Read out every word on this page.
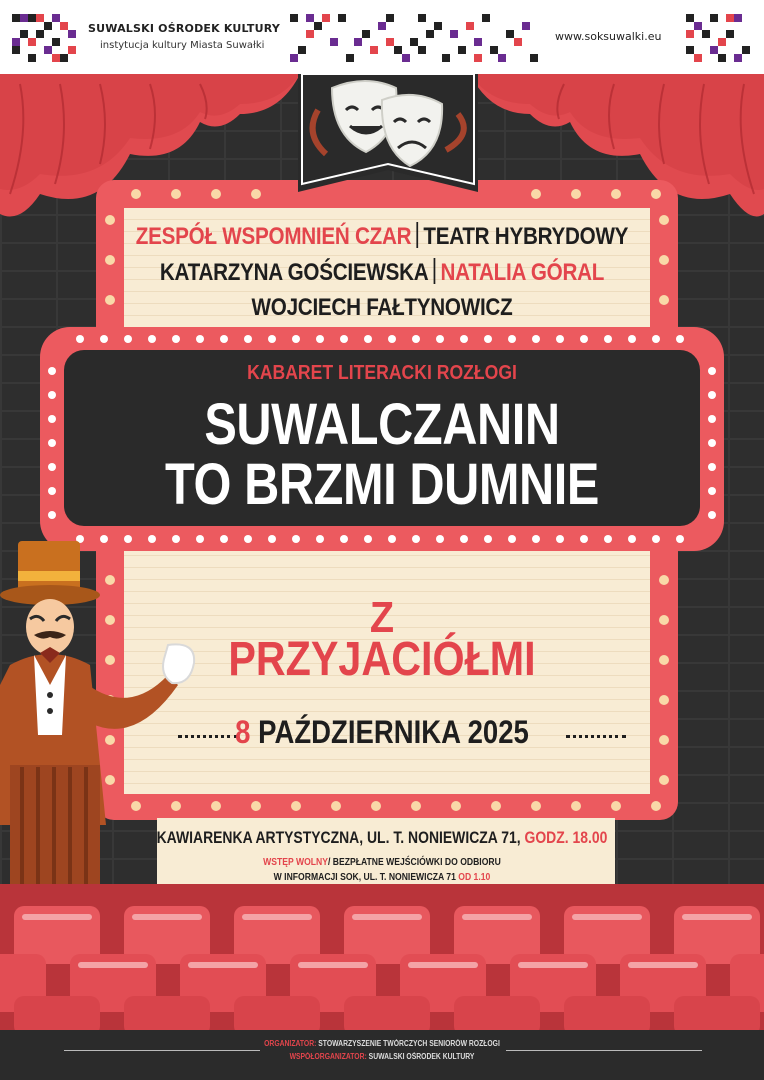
SUWALSKI OŚRODEK KULTURY
instytucja kultury Miasta Suwałki
www.soksuwalki.eu
ZESPÓŁ WSPOMNIEŃ CZAR TEATR HYBRYDOWY
KATARZYNA GOŚCIEWSKA NATALIA GÓRAL
WOJCIECH FAŁTYNOWICZ
KABARET LITERACKI ROZŁOGI
SUWALCZANIN
TO BRZMI DUMNIE
Z
PRZYJACIÓŁMI
8 PAŹDZIERNIKA 2025
KAWIARENKA ARTYSTYCZNA, UL. T. NONIEWICZA 71, GODZ. 18.00
WSTĘP WOLNY/ BEZPŁATNE WEJŚCIÓWKI DO ODBIORU
W INFORMACJI SOK, UL. T. NONIEWICZA 71 OD 1.10
ORGANIZATOR: STOWARZYSZENIE TWÓRCZYCH SENIORÓW ROZŁOGI
WSPÓŁORGANIZATOR: SUWALSKI OŚRODEK KULTURY
